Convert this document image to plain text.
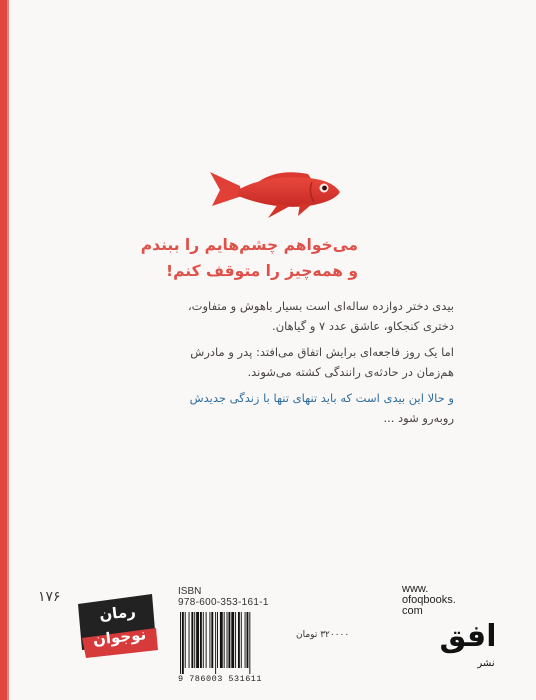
می‌خواهم چشم‌هایم را ببندم
و همه‌چیز را متوقف کنم!
بیدی دختر دوازده ساله‌ای است بسیار باهوش و متفاوت،
دختری کنجکاو، عاشق عدد ۷ و گیاهان.
اما یک روز فاجعه‌ای برایش اتفاق می‌افتد: پدر و مادرش
هم‌زمان در حادثه‌ی رانندگی کشته می‌شوند.
و حالا این بیدی است که باید تنهای تنها با زندگی جدیدش
روبه‌رو شود ...
۱۷۶
رمان
نوجوان
ISBN
978-600-353-161-1
9 786003 531611
۳۲۰۰۰۰ تومان
www.
ofoqbooks.
com
افق
نشر
